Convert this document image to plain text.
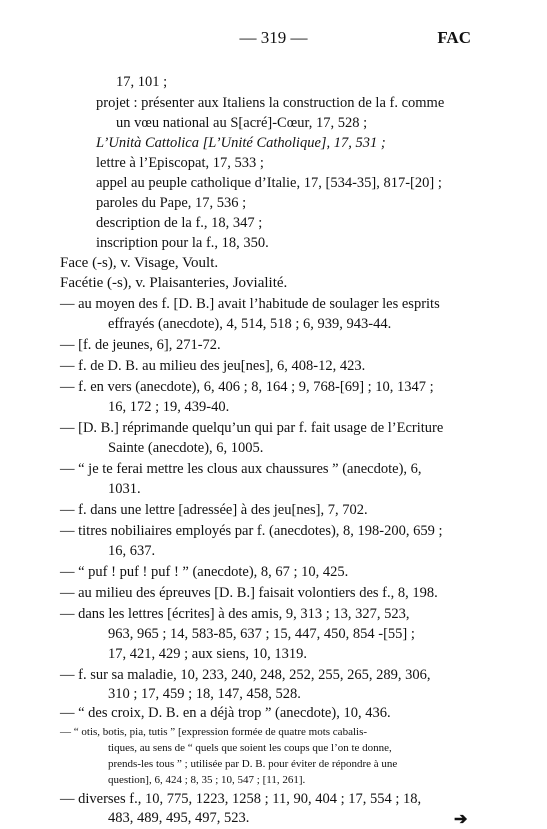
— 319 —	FAC
17, 101 ;
projet : présenter aux Italiens la construction de la f. comme
un vœu national au S[acré]-Cœur, 17, 528 ;
L’Unità Cattolica [L’Unité Catholique], 17, 531 ;
lettre à l’Episcopat, 17, 533 ;
appel au peuple catholique d’Italie, 17, [534-35], 817-[20] ;
paroles du Pape, 17, 536 ;
description de la f., 18, 347 ;
inscription pour la f., 18, 350.
Face (-s), v. Visage, Voult.
Facétie (-s), v. Plaisanteries, Jovialité.
— au moyen des f. [D. B.] avait l’habitude de soulager les esprits
effrayés (anecdote), 4, 514, 518 ; 6, 939, 943-44.
— [f. de jeunes, 6], 271-72.
— f. de D. B. au milieu des jeu[nes], 6, 408-12, 423.
— f. en vers (anecdote), 6, 406 ; 8, 164 ; 9, 768-[69] ; 10, 1347 ;
16, 172 ; 19, 439-40.
— [D. B.] réprimande quelqu’un qui par f. fait usage de l’Ecriture
Sainte (anecdote), 6, 1005.
— “ je te ferai mettre les clous aux chaussures ” (anecdote), 6,
1031.
— f. dans une lettre [adressée] à des jeu[nes], 7, 702.
— titres nobiliaires employés par f. (anecdotes), 8, 198-200, 659 ;
16, 637.
— “ puf ! puf ! puf ! ” (anecdote), 8, 67 ; 10, 425.
— au milieu des épreuves [D. B.] faisait volontiers des f., 8, 198.
— dans les lettres [écrites] à des amis, 9, 313 ; 13, 327, 523,
963, 965 ; 14, 583-85, 637 ; 15, 447, 450, 854 -[55] ;
17, 421, 429 ; aux siens, 10, 1319.
— f. sur sa maladie, 10, 233, 240, 248, 252, 255, 265, 289, 306,
310 ; 17, 459 ; 18, 147, 458, 528.
— “ des croix, D. B. en a déjà trop ” (anecdote), 10, 436.
— “ otis, botis, pia, tutis ” [expression formée de quatre mots cabalis-
tiques, au sens de “ quels que soient les coups que l’on te donne,
prends-les tous ” ; utilisée par D. B. pour éviter de répondre à une
question], 6, 424 ; 8, 35 ; 10, 547 ; [11, 261].
➔
— diverses f., 10, 775, 1223, 1258 ; 11, 90, 404 ; 17, 554 ; 18,
483, 489, 495, 497, 523.
